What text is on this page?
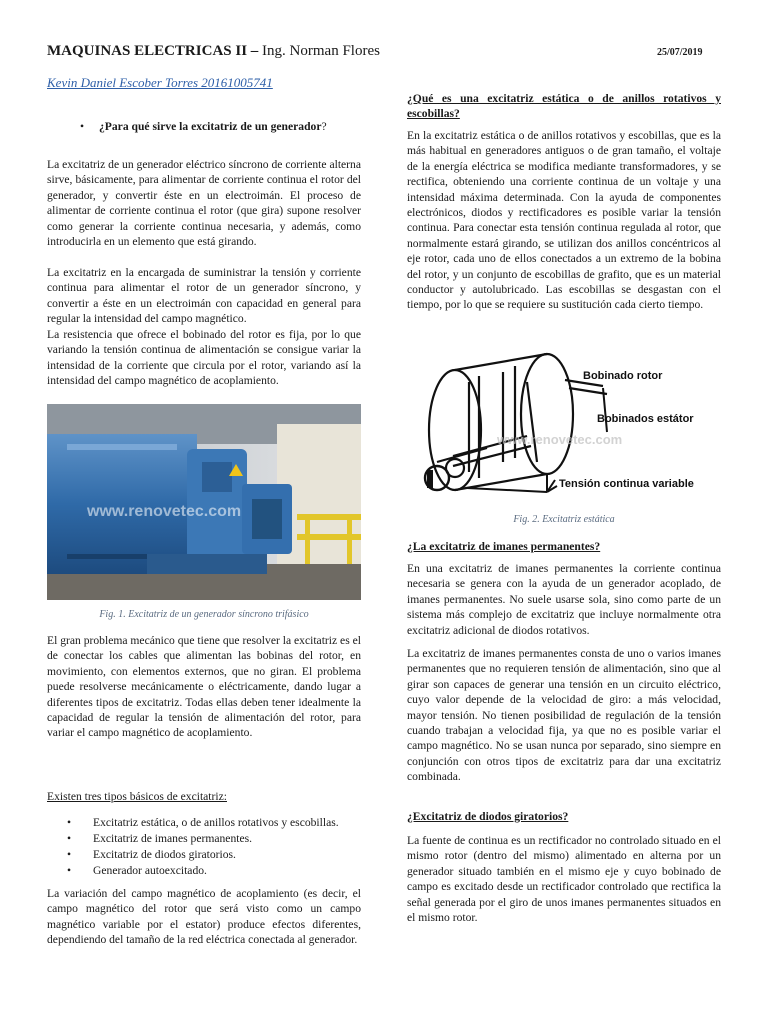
MAQUINAS ELECTRICAS II – Ing. Norman Flores	25/07/2019
Kevin Daniel Escober Torres 20161005741
• ¿Para qué sirve la excitatriz de un generador?

La excitatriz de un generador eléctrico síncrono de corriente alterna sirve, básicamente, para alimentar de corriente continua el rotor del generador, y convertir éste en un electroimán. El proceso de alimentar de corriente continua el rotor (que gira) supone resolver como generar la corriente continua necesaria, y además, como introducirla en un elemento que está girando.

La excitatriz en la encargada de suministrar la tensión y corriente continua para alimentar el rotor de un generador síncrono, y convertir a éste en un electroimán con capacidad en general para regular la intensidad del campo magnético.

La resistencia que ofrece el bobinado del rotor es fija, por lo que variando la tensión continua de alimentación se consigue variar la intensidad de la corriente que circula por el rotor, variando así la intensidad del campo magnético de acoplamiento.

www.renovetec.com
Fig. 1. Excitatriz de un generador síncrono trifásico

El gran problema mecánico que tiene que resolver la excitatriz es el de conectar los cables que alimentan las bobinas del rotor, en movimiento, con elementos externos, que no giran. El problema puede resolverse mecánicamente o eléctricamente, dando lugar a diferentes tipos de excitatriz. Todas ellas deben tener idealmente la capacidad de regular la tensión de alimentación del rotor, para variar el campo magnético de acoplamiento.

Existen tres tipos básicos de excitatriz:

• Excitatriz estática, o de anillos rotativos y escobillas.
• Excitatriz de imanes permanentes.
• Excitatriz de diodos giratorios.
• Generador autoexcitado.

La variación del campo magnético de acoplamiento (es decir, el campo magnético del rotor que será visto como un campo magnético variable por el estator) produce efectos diferentes, dependiendo del tamaño de la red eléctrica conectada al generador.

¿Qué es una excitatriz estática o de anillos rotativos y escobillas?

En la excitatriz estática o de anillos rotativos y escobillas, que es la más habitual en generadores antiguos o de gran tamaño, el voltaje de la energía eléctrica se modifica mediante transformadores, y se rectifica, obteniendo una corriente continua de un voltaje y una intensidad máxima determinada. Con la ayuda de componentes electrónicos, diodos y rectificadores es posible variar la tensión continua. Para conectar esta tensión continua regulada al rotor, que normalmente estará girando, se utilizan dos anillos concéntricos al eje rotor, cada uno de ellos conectados a un extremo de la bobina del rotor, y un conjunto de escobillas de grafito, que es un material conductor y autolubricado. Las escobillas se desgastan con el tiempo, por lo que se requiere su sustitución cada cierto tiempo.

www.renovetec.com
Bobinado rotor
Bobinados estátor
Tensión continua variable
Fig. 2. Excitatriz estática

¿La excitatriz de imanes permanentes?

En una excitatriz de imanes permanentes la corriente continua necesaria se genera con la ayuda de un generador acoplado, de imanes permanentes. No suele usarse sola, sino como parte de un sistema más complejo de excitatriz que incluye normalmente otra excitatriz adicional de diodos rotativos.

La excitatriz de imanes permanentes consta de uno o varios imanes permanentes que no requieren tensión de alimentación, sino que al girar son capaces de generar una tensión en un circuito eléctrico, cuyo valor depende de la velocidad de giro: a más velocidad, mayor tensión. No tienen posibilidad de regulación de la tensión cuando trabajan a velocidad fija, ya que no es posible variar el campo magnético. No se usan nunca por separado, sino siempre en conjunción con otros tipos de excitatriz para dar una excitatriz combinada.

¿Excitatriz de diodos giratorios?

La fuente de continua es un rectificador no controlado situado en el mismo rotor (dentro del mismo) alimentado en alterna por un generador situado también en el mismo eje y cuyo bobinado de campo es excitado desde un rectificador controlado que rectifica la señal generada por el giro de unos imanes permanentes situados en el mismo rotor.
